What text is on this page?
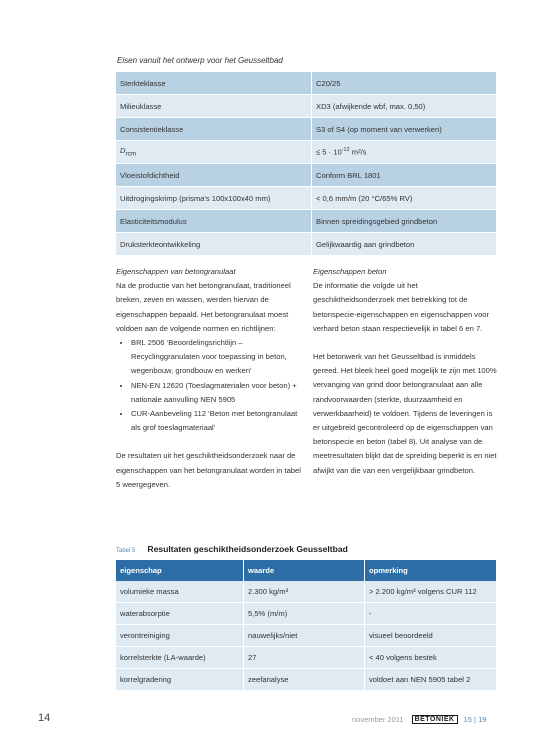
Eisen vanuit het ontwerp voor het Geusseltbad
Sterkteklasse	C20/25
Milieuklasse	XD3 (afwijkende wbf, max. 0,50)
Consistentieklasse	S3 of S4 (op moment van verwerken)
$D_{rcm}$	≤ $5 \cdot 10^{-12}$ m²/s
Vloeistofdichtheid	Conform BRL 1801
Uitdrogingskrimp (prisma's 100x100x40 mm)	< 0,6 mm/m (20 °C/65% RV)
Elasticiteitsmodulus	Binnen spreidingsgebied grindbeton
Druksterkteontwikkeling	Gelijkwaardig aan grindbeton

Eigenschappen van betongranulaat

Na de productie van het betongranulaat, traditioneel breken, zeven en wassen, werden hiervan de eigenschappen bepaald. Het betongranulaat moest voldoen aan de volgende normen en richtlijnen:

• BRL 2506 ‘Beoordelingsrichtlijn – Recyclinggranulaten voor toepassing in beton, wegenbouw, grondbouw en werken’
• NEN-EN 12620 (Toeslagmaterialen voor beton) + nationale aanvulling NEN 5905
• CUR-Aanbeveling 112 ‘Beton met betongranulaat als grof toeslagmateriaal’

De resultaten uit het geschiktheidsonderzoek naar de eigenschappen van het betongranulaat worden in tabel 5 weergegeven.

Eigenschappen beton

De informatie die volgde uit het geschiktheidsonderzoek met betrekking tot de betonspecie-eigenschappen en eigenschappen voor verhard beton staan respectievelijk in tabel 6 en 7.

Het betonwerk van het Geusseltbad is inmiddels gereed. Het bleek heel goed mogelijk te zijn met 100% vervanging van grind door betongranulaat aan alle randvoorwaarden (sterkte, duurzaamheid en verwerkbaarheid) te voldoen. Tijdens de leveringen is er uitgebreid gecontroleerd op de eigenschappen van betonspecie en beton (tabel 8). Uit analyse van de meetresultaten blijkt dat de spreiding beperkt is en niet afwijkt van die van een vergelijkbaar grindbeton.

Tabel 5 Resultaten geschiktheidsonderzoek Geusseltbad
eigenschap	waarde	opmerking
volumieke massa	2.300 kg/m³	> 2.200 kg/m³ volgens CUR 112
waterabsorptie	5,5% (m/m)	-
verontreiniging	nauwelijks/niet	visueel beoordeeld
korrelsterkte (LA-waarde)	27	< 40 volgens bestek
korrelgradering	zeefanalyse	voldoet aan NEN 5905 tabel 2
14	november 2011	BETONIEK	15 | 19
